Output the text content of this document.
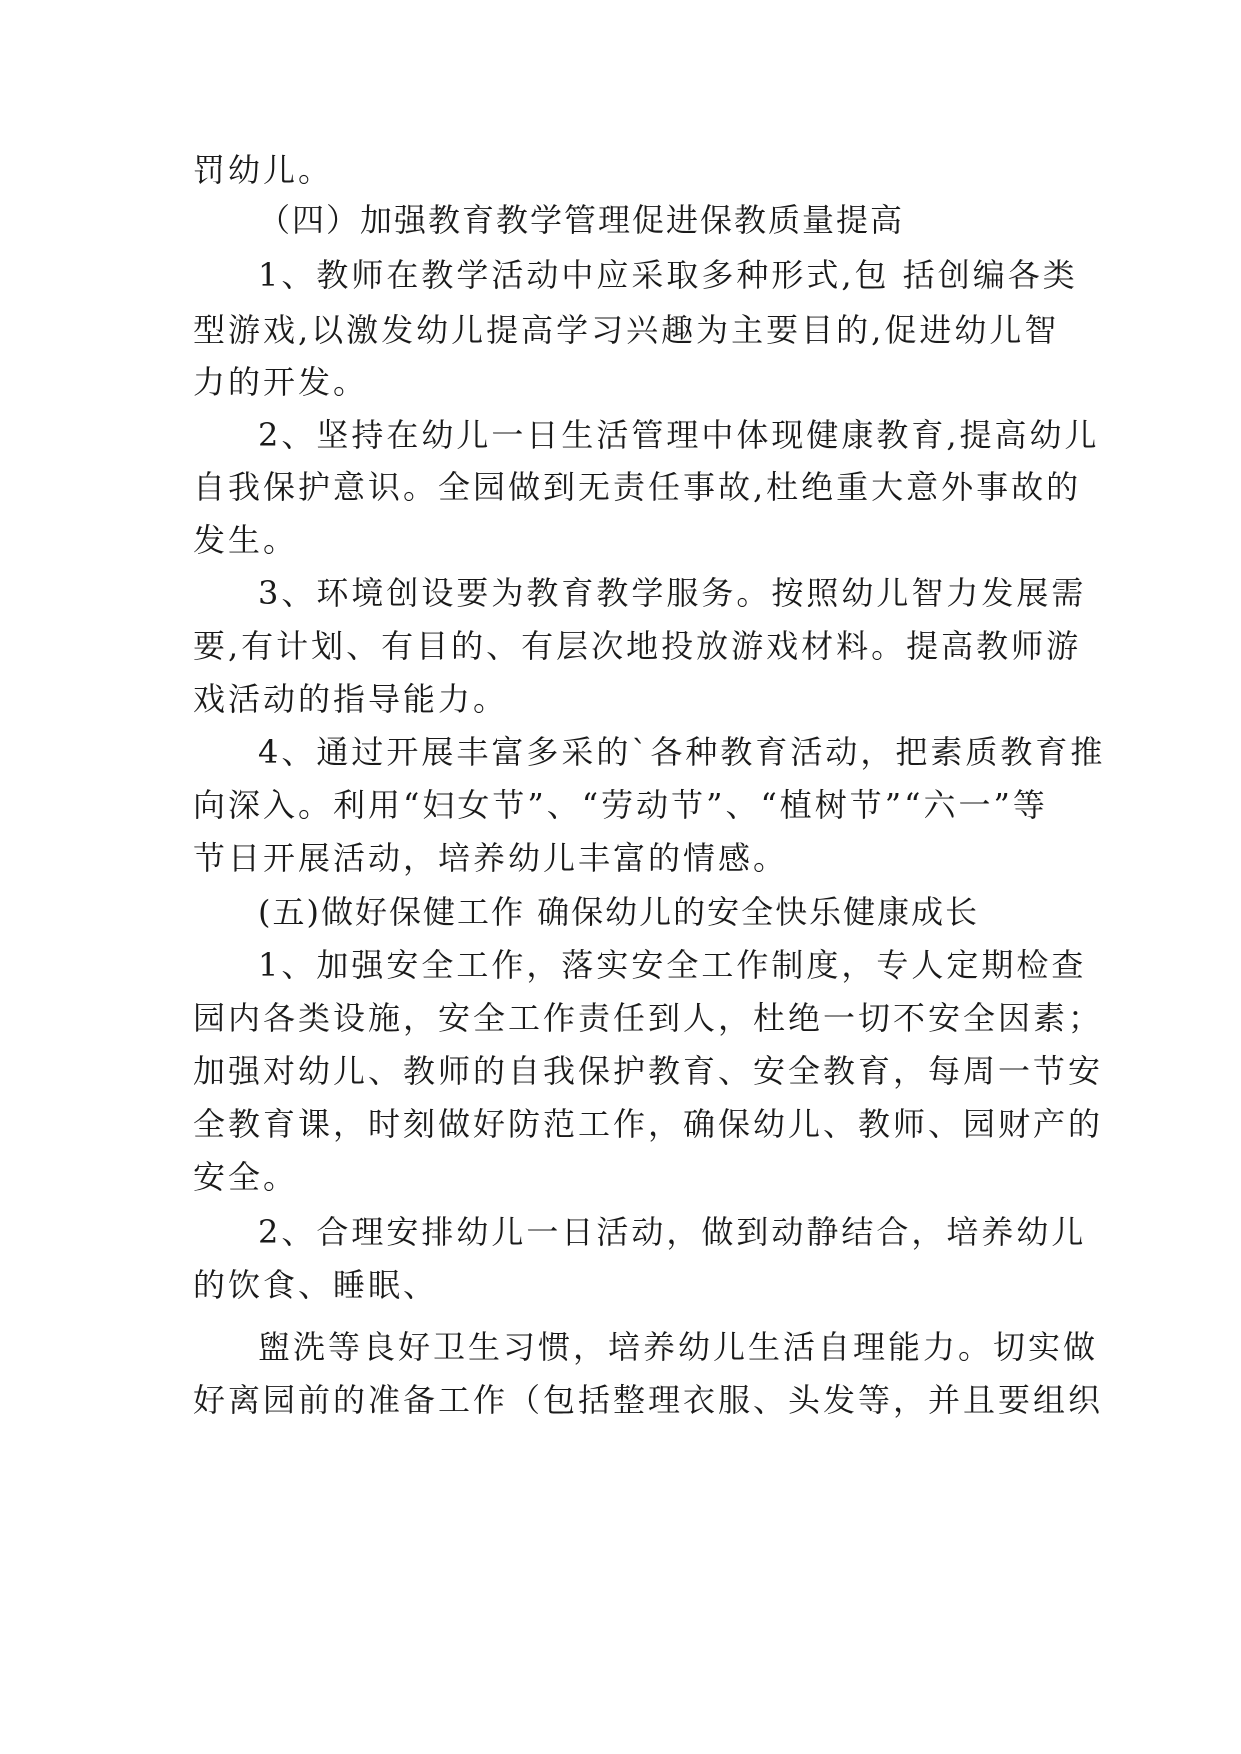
罚幼儿。
（四）加强教育教学管理促进保教质量提高
1、教师在教学活动中应采取多种形式,包 括创编各类
型游戏,以激发幼儿提高学习兴趣为主要目的,促进幼儿智
力的开发。
2、坚持在幼儿一日生活管理中体现健康教育,提高幼儿
自我保护意识。全园做到无责任事故,杜绝重大意外事故的
发生。
3、环境创设要为教育教学服务。按照幼儿智力发展需
要,有计划、有目的、有层次地投放游戏材料。提高教师游
戏活动的指导能力。
4、通过开展丰富多采的`各种教育活动，把素质教育推
向深入。利用“妇女节”、“劳动节”、“植树节”“六一”等
节日开展活动，培养幼儿丰富的情感。
(五)做好保健工作 确保幼儿的安全快乐健康成长
1、加强安全工作，落实安全工作制度，专人定期检查
园内各类设施，安全工作责任到人，杜绝一切不安全因素；
加强对幼儿、教师的自我保护教育、安全教育，每周一节安
全教育课，时刻做好防范工作，确保幼儿、教师、园财产的
安全。
2、合理安排幼儿一日活动，做到动静结合，培养幼儿
的饮食、睡眠、
盥洗等良好卫生习惯，培养幼儿生活自理能力。切实做
好离园前的准备工作（包括整理衣服、头发等，并且要组织
